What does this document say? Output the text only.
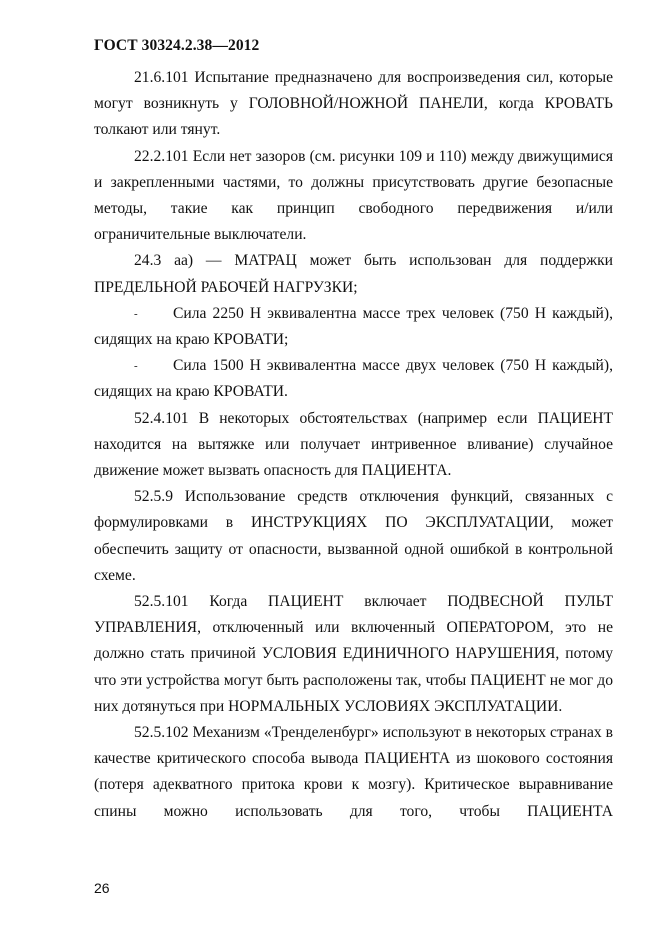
ГОСТ 30324.2.38—2012

21.6.101 Испытание предназначено для воспроизведения сил, которые могут возникнуть у ГОЛОВНОЙ/НОЖНОЙ ПАНЕЛИ, когда КРОВАТЬ толкают или тянут.

22.2.101 Если нет зазоров (см. рисунки 109 и 110) между движущимися и закрепленными частями, то должны присутствовать другие безопасные методы, такие как принцип свободного передвижения и/или ограничительные выключатели.

24.3 аа) — МАТРАЦ может быть использован для поддержки ПРЕДЕЛЬНОЙ РАБОЧЕЙ НАГРУЗКИ;

- Сила 2250 Н эквивалентна массе трех человек (750 Н каждый), сидящих на краю КРОВАТИ;
- Сила 1500 Н эквивалентна массе двух человек (750 Н каждый), сидящих на краю КРОВАТИ.

52.4.101 В некоторых обстоятельствах (например если ПАЦИЕНТ находится на вытяжке или получает интривенное вливание) случайное движение может вызвать опасность для ПАЦИЕНТА.

52.5.9 Использование средств отключения функций, связанных с формулировками в ИНСТРУКЦИЯХ ПО ЭКСПЛУАТАЦИИ, может обеспечить защиту от опасности, вызванной одной ошибкой в контрольной схеме.

52.5.101 Когда ПАЦИЕНТ включает ПОДВЕСНОЙ ПУЛЬТ УПРАВЛЕНИЯ, отключенный или включенный ОПЕРАТОРОМ, это не должно стать причиной УСЛОВИЯ ЕДИНИЧНОГО НАРУШЕНИЯ, потому что эти устройства могут быть расположены так, чтобы ПАЦИЕНТ не мог до них дотянуться при НОРМАЛЬНЫХ УСЛОВИЯХ ЭКСПЛУАТАЦИИ.

52.5.102 Механизм «Тренделенбург» используют в некоторых странах в качестве критического способа вывода ПАЦИЕНТА из шокового состояния (потеря адекватного притока крови к мозгу). Критическое выравнивание спины можно использовать для того, чтобы ПАЦИЕНТА

26
